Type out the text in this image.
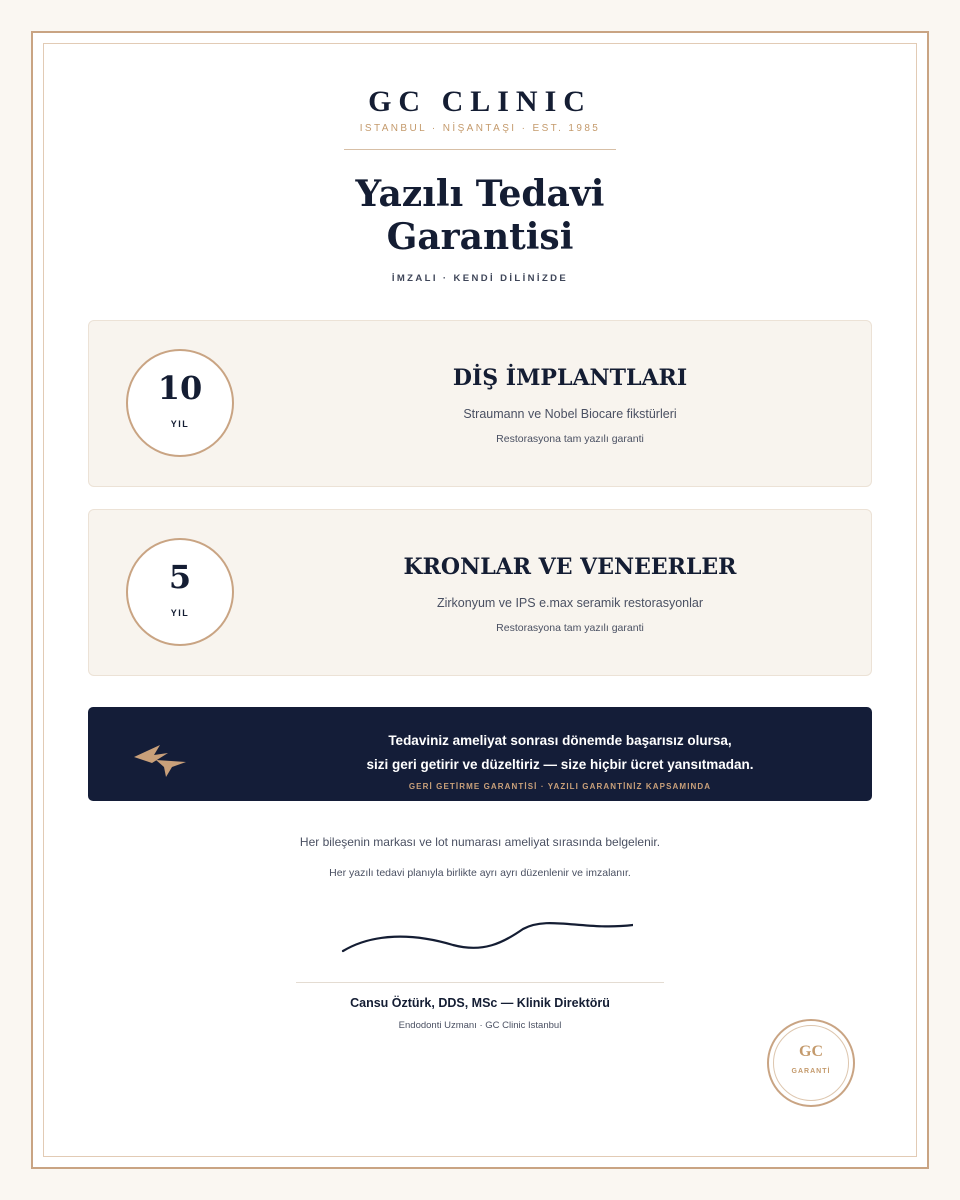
GC CLINIC
ISTANBUL · NİŞANTAŞI · EST. 1985
Yazılı Tedavi
Garantisi
İMZALI · KENDİ DİLİNİZDE
10
YIL
DİŞ İMPLANTLARI
Straumann ve Nobel Biocare fikstürleri
Restorasyona tam yazılı garanti
5
YIL
KRONLAR VE VENEERLER
Zirkonyum ve IPS e.max seramik restorasyonlar
Restorasyona tam yazılı garanti
Tedaviniz ameliyat sonrası dönemde başarısız olursa,
sizi geri getirir ve düzeltiriz — size hiçbir ücret yansıtmadan.
GERİ GETİRME GARANTİSİ · YAZILI GARANTİNİZ KAPSAMINDA
Her bileşenin markası ve lot numarası ameliyat sırasında belgelenir.
Her yazılı tedavi planıyla birlikte ayrı ayrı düzenlenir ve imzalanır.
Cansu Öztürk, DDS, MSc — Klinik Direktörü
Endodonti Uzmanı · GC Clinic Istanbul
GC
GARANTİ
